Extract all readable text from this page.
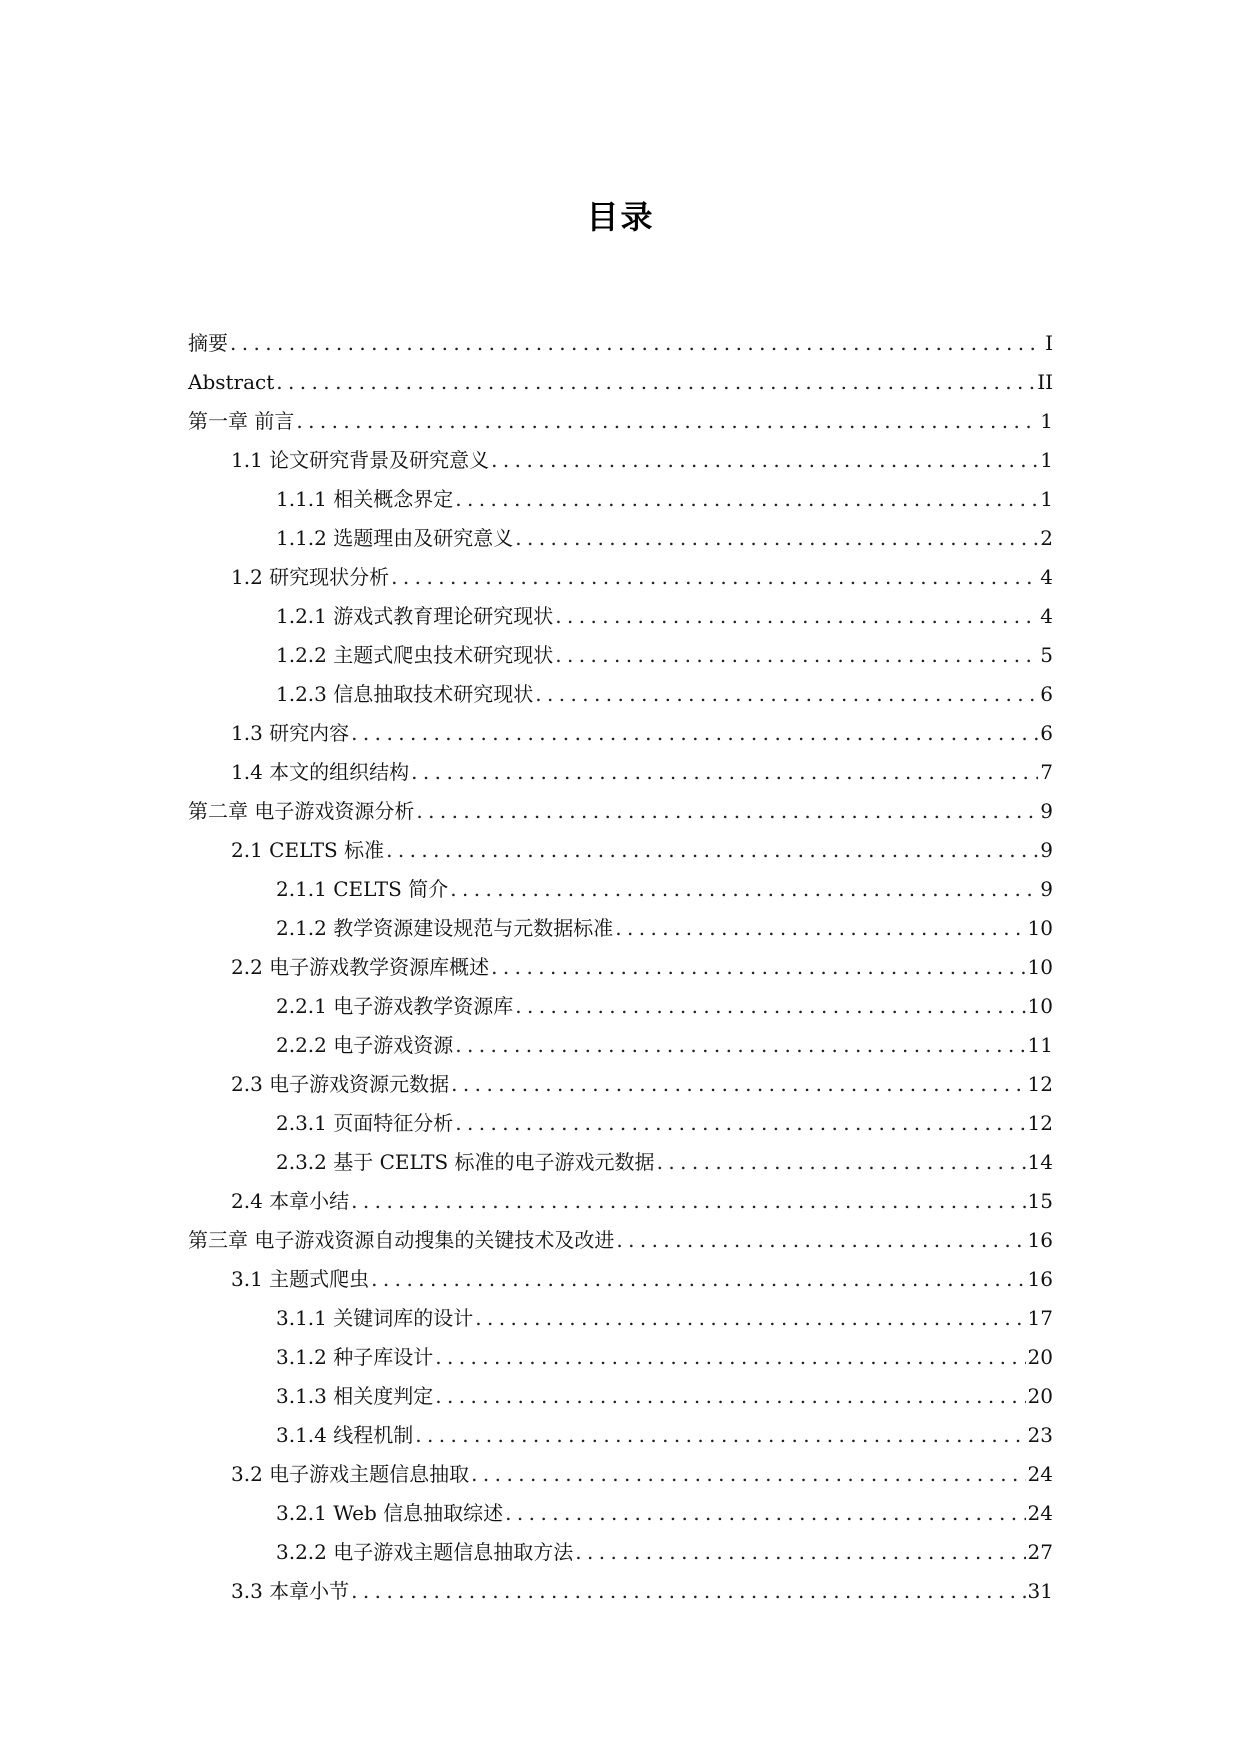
目录
摘要 .....	I
Abstract .....	II
第一章 前言 .....	1
1.1 论文研究背景及研究意义 .....	1
1.1.1 相关概念界定 .....	1
1.1.2 选题理由及研究意义 .....	2
1.2 研究现状分析 .....	4
1.2.1 游戏式教育理论研究现状 .....	4
1.2.2 主题式爬虫技术研究现状 .....	5
1.2.3 信息抽取技术研究现状 .....	6
1.3 研究内容 .....	6
1.4 本文的组织结构 .....	7
第二章 电子游戏资源分析 .....	9
2.1 CELTS 标准 .....	9
2.1.1 CELTS 简介 .....	9
2.1.2 教学资源建设规范与元数据标准 .....	10
2.2 电子游戏教学资源库概述 .....	10
2.2.1 电子游戏教学资源库 .....	10
2.2.2 电子游戏资源 .....	11
2.3 电子游戏资源元数据 .....	12
2.3.1 页面特征分析 .....	12
2.3.2 基于 CELTS 标准的电子游戏元数据 .....	14
2.4 本章小结 .....	15
第三章 电子游戏资源自动搜集的关键技术及改进 .....	16
3.1 主题式爬虫 .....	16
3.1.1 关键词库的设计 .....	17
3.1.2 种子库设计 .....	20
3.1.3 相关度判定 .....	20
3.1.4 线程机制 .....	23
3.2 电子游戏主题信息抽取 .....	24
3.2.1 Web 信息抽取综述 .....	24
3.2.2 电子游戏主题信息抽取方法 .....	27
3.3 本章小节 .....	31
